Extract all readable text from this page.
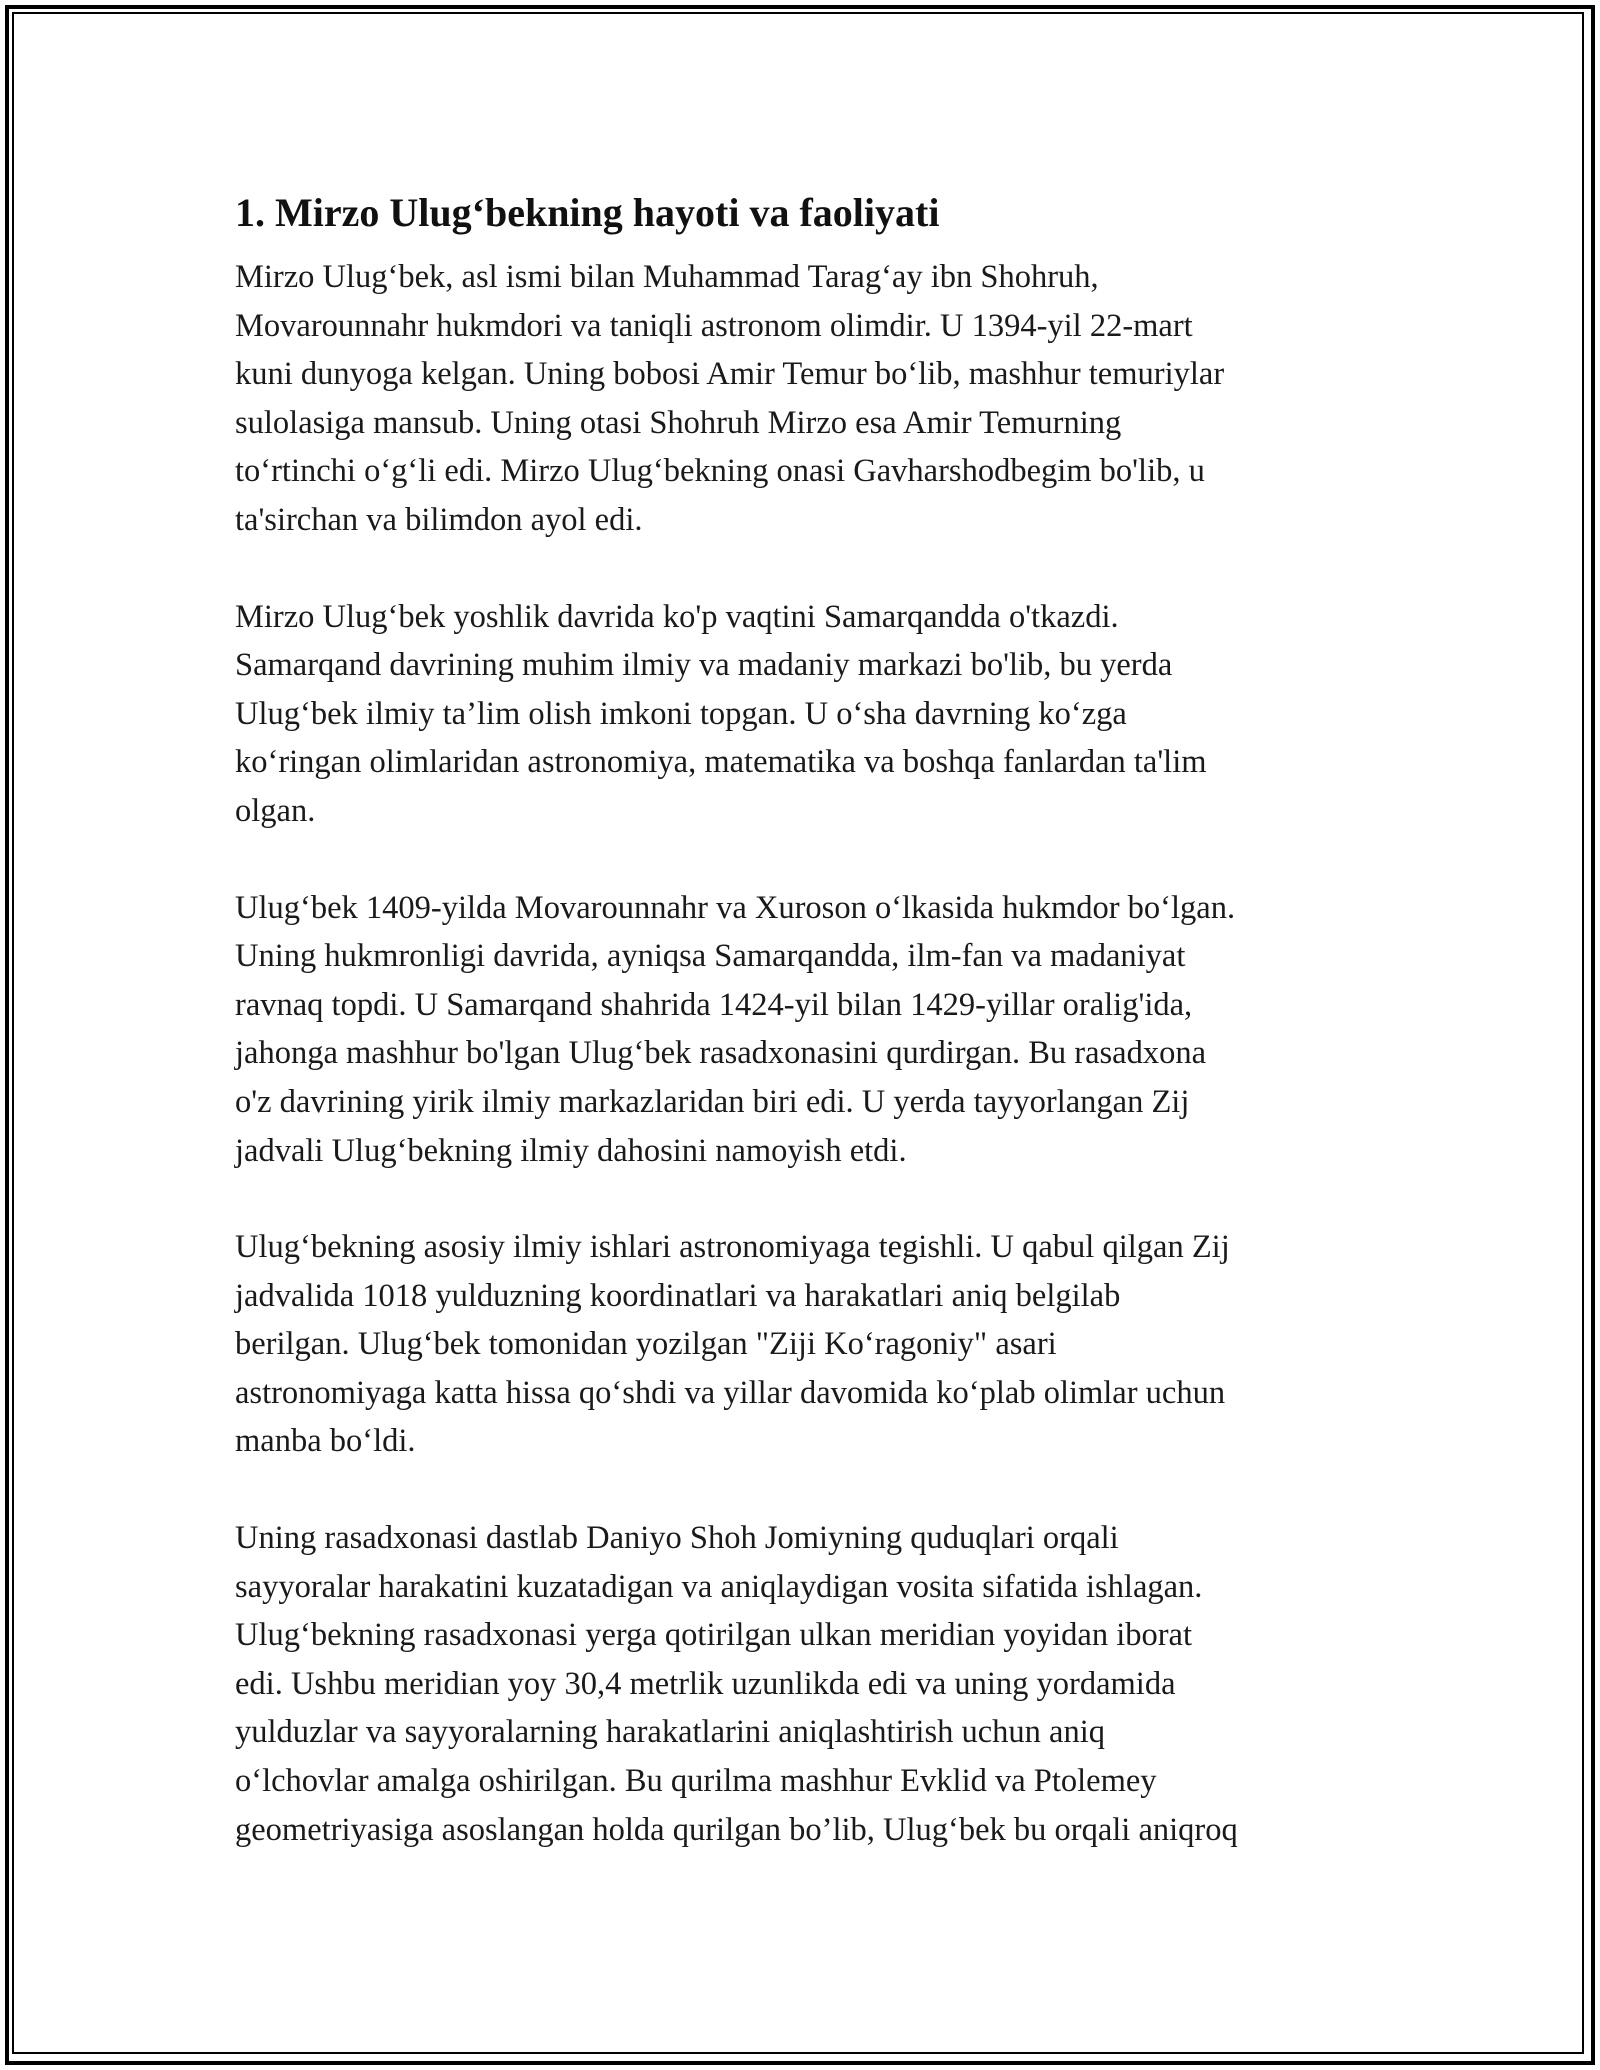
1. Mirzo Ulug‘bekning hayoti va faoliyati

Mirzo Ulug‘bek, asl ismi bilan Muhammad Tarag‘ay ibn Shohruh,
Movarounnahr hukmdori va taniqli astronom olimdir. U 1394-yil 22-mart
kuni dunyoga kelgan. Uning bobosi Amir Temur bo‘lib, mashhur temuriylar
sulolasiga mansub. Uning otasi Shohruh Mirzo esa Amir Temurning
to‘rtinchi o‘g‘li edi. Mirzo Ulug‘bekning onasi Gavharshodbegim bo'lib, u
ta'sirchan va bilimdon ayol edi.

Mirzo Ulug‘bek yoshlik davrida ko'p vaqtini Samarqandda o'tkazdi.
Samarqand davrining muhim ilmiy va madaniy markazi bo'lib, bu yerda
Ulug‘bek ilmiy ta’lim olish imkoni topgan. U o‘sha davrning ko‘zga
ko‘ringan olimlaridan astronomiya, matematika va boshqa fanlardan ta'lim
olgan.

Ulug‘bek 1409-yilda Movarounnahr va Xuroson o‘lkasida hukmdor bo‘lgan.
Uning hukmronligi davrida, ayniqsa Samarqandda, ilm-fan va madaniyat
ravnaq topdi. U Samarqand shahrida 1424-yil bilan 1429-yillar oralig'ida,
jahonga mashhur bo'lgan Ulug‘bek rasadxonasini qurdirgan. Bu rasadxona
o'z davrining yirik ilmiy markazlaridan biri edi. U yerda tayyorlangan Zij
jadvali Ulug‘bekning ilmiy dahosini namoyish etdi.

Ulug‘bekning asosiy ilmiy ishlari astronomiyaga tegishli. U qabul qilgan Zij
jadvalida 1018 yulduzning koordinatlari va harakatlari aniq belgilab
berilgan. Ulug‘bek tomonidan yozilgan "Ziji Ko‘ragoniy" asari
astronomiyaga katta hissa qo‘shdi va yillar davomida ko‘plab olimlar uchun
manba bo‘ldi.

Uning rasadxonasi dastlab Daniyo Shoh Jomiyning quduqlari orqali
sayyoralar harakatini kuzatadigan va aniqlaydigan vosita sifatida ishlagan.
Ulug‘bekning rasadxonasi yerga qotirilgan ulkan meridian yoyidan iborat
edi. Ushbu meridian yoy 30,4 metrlik uzunlikda edi va uning yordamida
yulduzlar va sayyoralarning harakatlarini aniqlashtirish uchun aniq
o‘lchovlar amalga oshirilgan. Bu qurilma mashhur Evklid va Ptolemey
geometriyasiga asoslangan holda qurilgan bo’lib, Ulug‘bek bu orqali aniqroq
